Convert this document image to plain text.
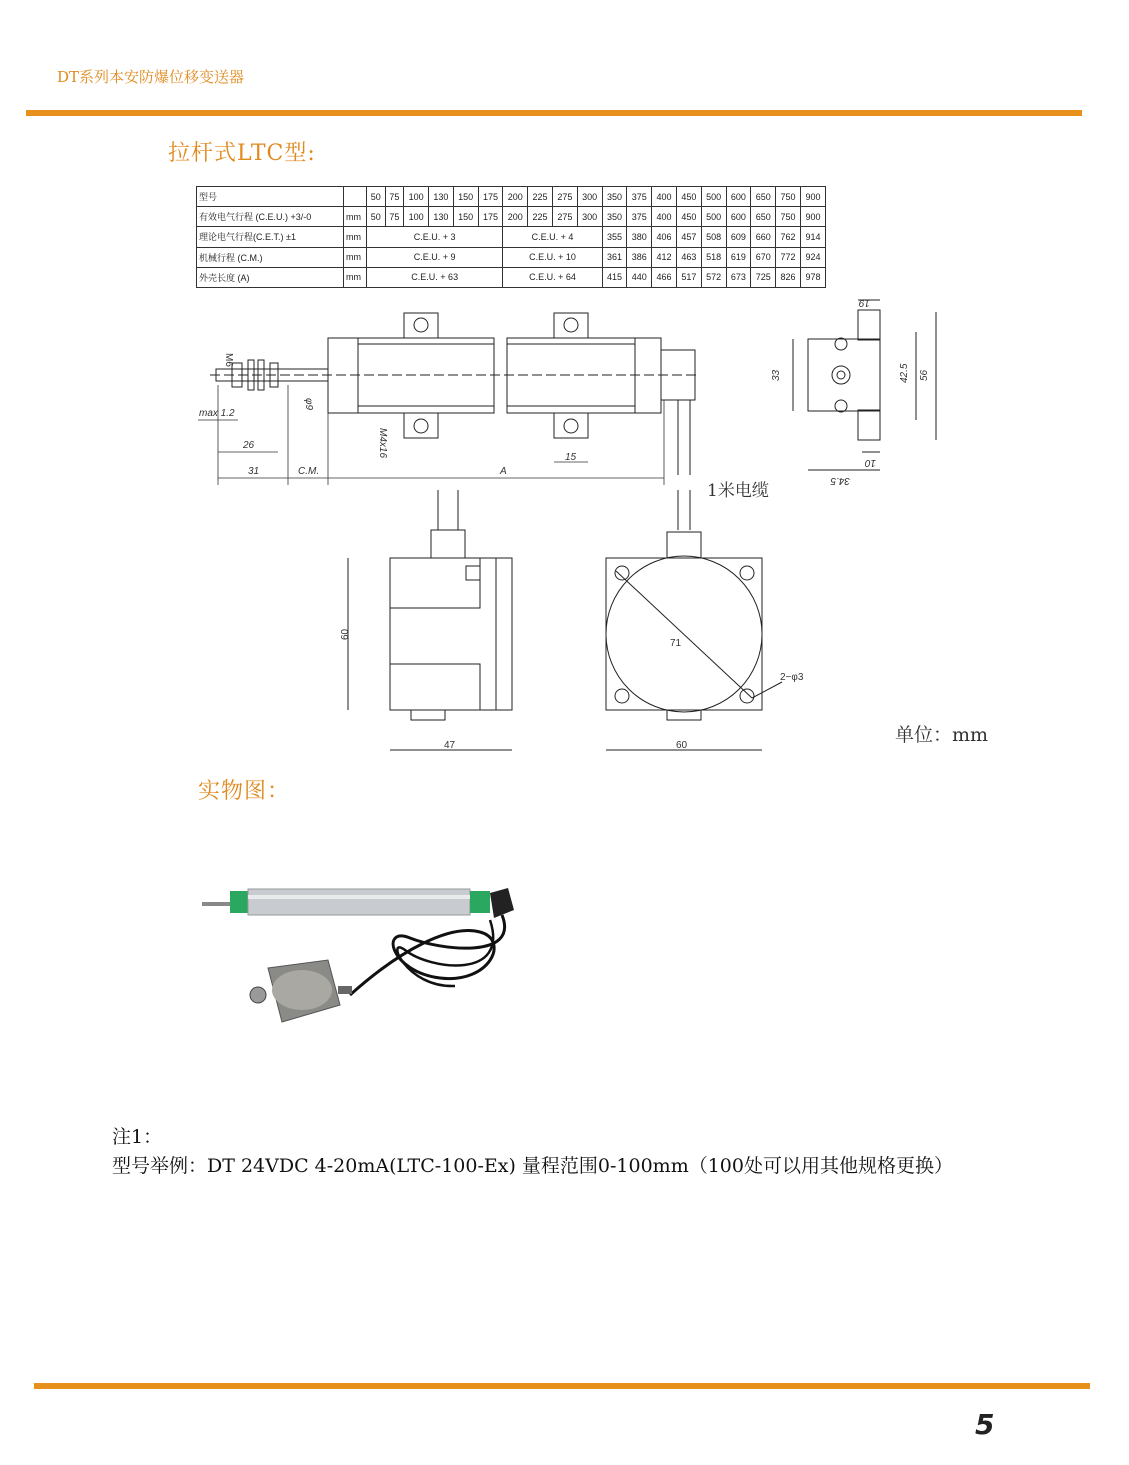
DT系列本安防爆位移变送器
拉杆式LTC型:
型号		50	75	100	130	150	175	200	225	275	300	350	375	400	450	500	600	650	750	900
有效电气行程 (C.E.U.) +3/-0	mm	50	75	100	130	150	175	200	225	275	300	350	375	400	450	500	600	650	750	900
理论电气行程(C.E.T.) ±1	mm	C.E.U. + 3						C.E.U. + 4				355	380	406	457	508	609	660	762	914
机械行程 (C.M.)	mm	C.E.U. + 9						C.E.U. + 10				361	386	412	463	518	619	670	772	924
外壳长度 (A)	mm	C.E.U. + 63						C.E.U. + 64				415	440	466	517	572	673	725	826	978
M6
max 1.2
26
31	C.M.	A
φ9
M4x16	15
19
33	42.5 56
10
34.5
1米电缆
60
47
71
2−φ3
60	单位：mm
实物图：
注1：
型号举例：DT 24VDC 4-20mA(LTC-100-Ex) 量程范围0-100mm（100处可以用其他规格更换）
5
